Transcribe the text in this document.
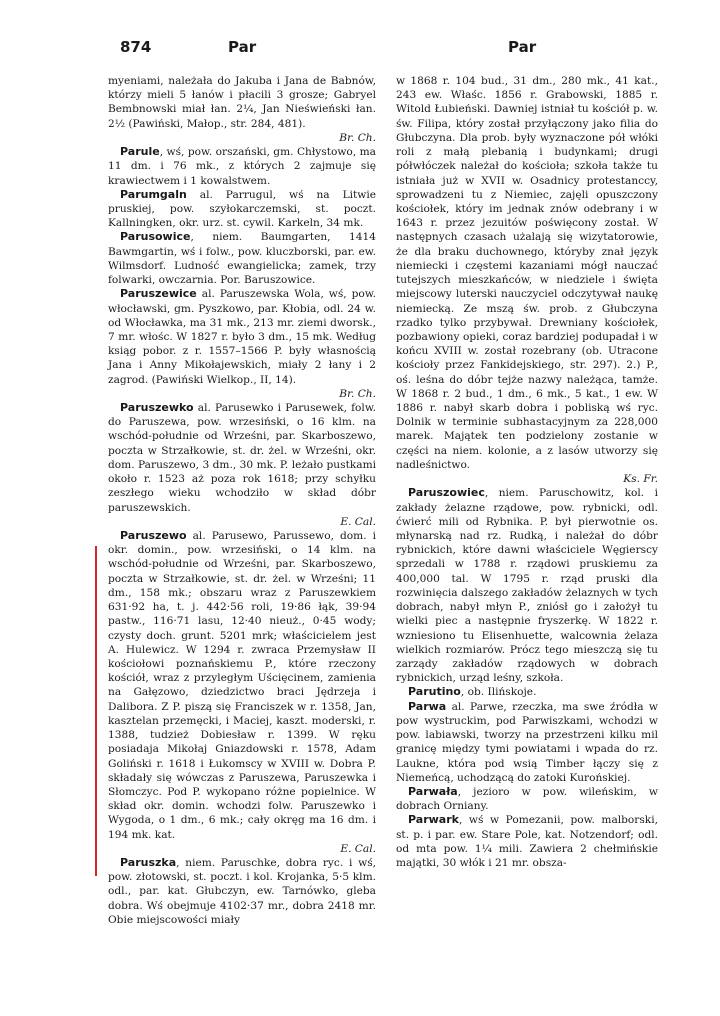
874	Par	Par

myeniami, należała do Jakuba i Jana de Babnów, którzy mieli 5 łanów i płacili 3 grosze; Gabryel Bembnowski miał łan. 2¼, Jan Nieświeński łan. 2½ (Pawiński, Małop., str. 284, 481).
Br. Ch.

Parule, wś, pow. orszański, gm. Chłystowo, ma 11 dm. i 76 mk., z których 2 zajmuje się krawiectwem i 1 kowalstwem.

Parumgaln al. Parrugul, wś na Litwie pruskiej, pow. szyłokarczemski, st. poczt. Kallningken, okr. urz. st. cywil. Karkeln, 34 mk.

Parusowice, niem. Baumgarten, 1414 Bawmgartin, wś i folw., pow. kluczborski, par. ew. Wilmsdorf. Ludność ewangielicka; zamek, trzy folwarki, owczarnia. Por. Baruszowice.

Paruszewice al. Paruszewska Wola, wś, pow. włocławski, gm. Pyszkowo, par. Kłobia, odl. 24 w. od Włocławka, ma 31 mk., 213 mr. ziemi dworsk., 7 mr. włośc. W 1827 r. było 3 dm., 15 mk. Według ksiąg pobor. z r. 1557–1566 P. były własnością Jana i Anny Mikołajewskich, miały 2 łany i 2 zagrod. (Pawiński Wielkop., II, 14).
Br. Ch.

Paruszewko al. Parusewko i Parusewek, folw. do Paruszewa, pow. wrzesiński, o 16 klm. na wschód-południe od Wrześni, par. Skarboszewo, poczta w Strzałkowie, st. dr. żel. w Wrześni, okr. dom. Paruszewo, 3 dm., 30 mk. P. leżało pustkami około r. 1523 aż poza rok 1618; przy schyłku zeszłego wieku wchodziło w skład dóbr paruszewskich.
E. Cal.

Paruszewo al. Parusewo, Parussewo, dom. i okr. domin., pow. wrzesiński, o 14 klm. na wschód-południe od Wrześni, par. Skarboszewo, poczta w Strzałkowie, st. dr. żel. w Wrześni; 11 dm., 158 mk.; obszaru wraz z Paruszewkiem 631·92 ha, t. j. 442·56 roli, 19·86 łąk, 39·94 pastw., 116·71 lasu, 12·40 nieuż., 0·45 wody; czysty doch. grunt. 5201 mrk; właścicielem jest A. Hulewicz. W 1294 r. zwraca Przemysław II kościołowi poznańskiemu P., które rzeczony kościół, wraz z przyległym Uścięcinem, zamienia na Gałęzowo, dziedzictwo braci Jędrzeja i Dalibora. Z P. piszą się Franciszek w r. 1358, Jan, kasztelan przemęcki, i Maciej, kaszt. moderski, r. 1388, tudzież Dobiesław r. 1399. W ręku posiadaja Mikołaj Gniazdowski r. 1578, Adam Goliński r. 1618 i Łukomscy w XVIII w. Dobra P. składały się wówczas z Paruszewa, Paruszewka i Słomczyc. Pod P. wykopano różne popielnice. W skład okr. domin. wchodzi folw. Paruszewko i Wygoda, o 1 dm., 6 mk.; cały okręg ma 16 dm. i 194 mk. kat.
E. Cal.

Paruszka, niem. Paruschke, dobra ryc. i wś, pow. złotowski, st. poczt. i kol. Krojanka, 5·5 klm. odl., par. kat. Głubczyn, ew. Tarnówko, gleba dobra. Wś obejmuje 4102·37 mr., dobra 2418 mr. Obie miejscowości miały

w 1868 r. 104 bud., 31 dm., 280 mk., 41 kat., 243 ew. Właśc. 1856 r. Grabowski, 1885 r. Witold Łubieński. Dawniej istniał tu kościół p. w. św. Filipa, który został przyłączony jako filia do Głubczyna. Dla prob. były wyznaczone pół włóki roli z małą plebanią i budynkami; drugi półwłóczek należał do kościoła; szkoła także tu istniała już w XVII w. Osadnicy protestanccy, sprowadzeni tu z Niemiec, zajęli opuszczony kościołek, który im jednak znów odebrany i w 1643 r. przez jezuitów poświęcony został. W następnych czasach użalają się wizytatorowie, że dla braku duchownego, któryby znał język niemiecki i częstemi kazaniami mógł nauczać tutejszych mieszkańców, w niedziele i święta miejscowy luterski nauczyciel odczytywał naukę niemiecką. Ze mszą św. prob. z Głubczyna rzadko tylko przybywał. Drewniany kościołek, pozbawiony opieki, coraz bardziej podupadał i w końcu XVIII w. został rozebrany (ob. Utracone kościoły przez Fankidejskiego, str. 297). 2.) P., oś. leśna do dóbr tejże nazwy należąca, tamże. W 1868 r. 2 bud., 1 dm., 6 mk., 5 kat., 1 ew. W 1886 r. nabył skarb dobra i pobliską wś ryc. Dolnik w terminie subhastacyjnym za 228,000 marek. Majątek ten podzielony zostanie w części na niem. kolonie, a z lasów utworzy się nadleśnictwo.
Ks. Fr.

Paruszowiec, niem. Paruschowitz, kol. i zakłady żelazne rządowe, pow. rybnicki, odl. ćwierć mili od Rybnika. P. był pierwotnie os. młynarską nad rz. Rudką, i należał do dóbr rybnickich, które dawni właściciele Węgierscy sprzedali w 1788 r. rządowi pruskiemu za 400,000 tal. W 1795 r. rząd pruski dla rozwinięcia dalszego zakładów żelaznych w tych dobrach, nabył młyn P., zniósł go i założył tu wielki piec a następnie fryszerkę. W 1822 r. wzniesiono tu Elisenhuette, walcownia żelaza wielkich rozmiarów. Prócz tego mieszczą się tu zarządy zakładów rządowych w dobrach rybnickich, urząd leśny, szkoła.

Parutino, ob. Ilińskoje.

Parwa al. Parwe, rzeczka, ma swe źródła w pow wystruckim, pod Parwiszkami, wchodzi w pow. labiawski, tworzy na przestrzeni kilku mil granicę między tymi powiatami i wpada do rz. Laukne, która pod wsią Timber łączy się z Niemeńcą, uchodzącą do zatoki Kurońskiej.

Parwała, jezioro w pow. wileńskim, w dobrach Orniany.

Parwark, wś w Pomezanii, pow. malborski, st. p. i par. ew. Stare Pole, kat. Notzendorf; odl. od mta pow. 1¼ mili. Zawiera 2 chełmińskie majątki, 30 włók i 21 mr. obsza-
